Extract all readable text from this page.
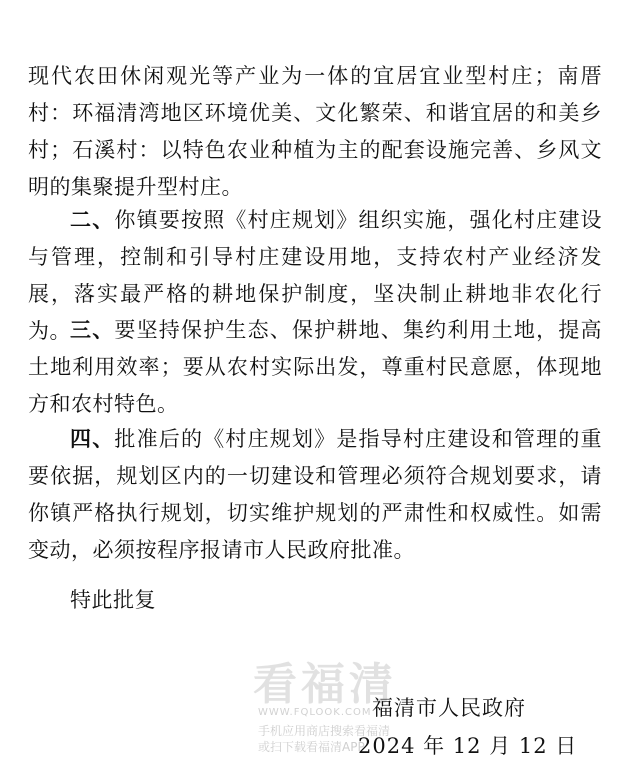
现代农田休闲观光等产业为一体的宜居宜业型村庄；南厝村：环福清湾地区环境优美、文化繁荣、和谐宜居的和美乡村；石溪村：以特色农业种植为主的配套设施完善、乡风文明的集聚提升型村庄。

二、你镇要按照《村庄规划》组织实施，强化村庄建设与管理，控制和引导村庄建设用地，支持农村产业经济发展，落实最严格的耕地保护制度，坚决制止耕地非农化行为。 三、要坚持保护生态、保护耕地、集约利用土地，提高土地利用效率；要从农村实际出发，尊重村民意愿，体现地方和农村特色。

四、批准后的《村庄规划》是指导村庄建设和管理的重要依据，规划区内的一切建设和管理必须符合规划要求，请你镇严格执行规划，切实维护规划的严肃性和权威性。如需变动，必须按程序报请市人民政府批准。

特此批复
看福清
WWW.FQLOOK.COM
手机应用商店搜索看福清
或扫下载看福清APP
福清市人民政府
2024 年 12 月 12 日
